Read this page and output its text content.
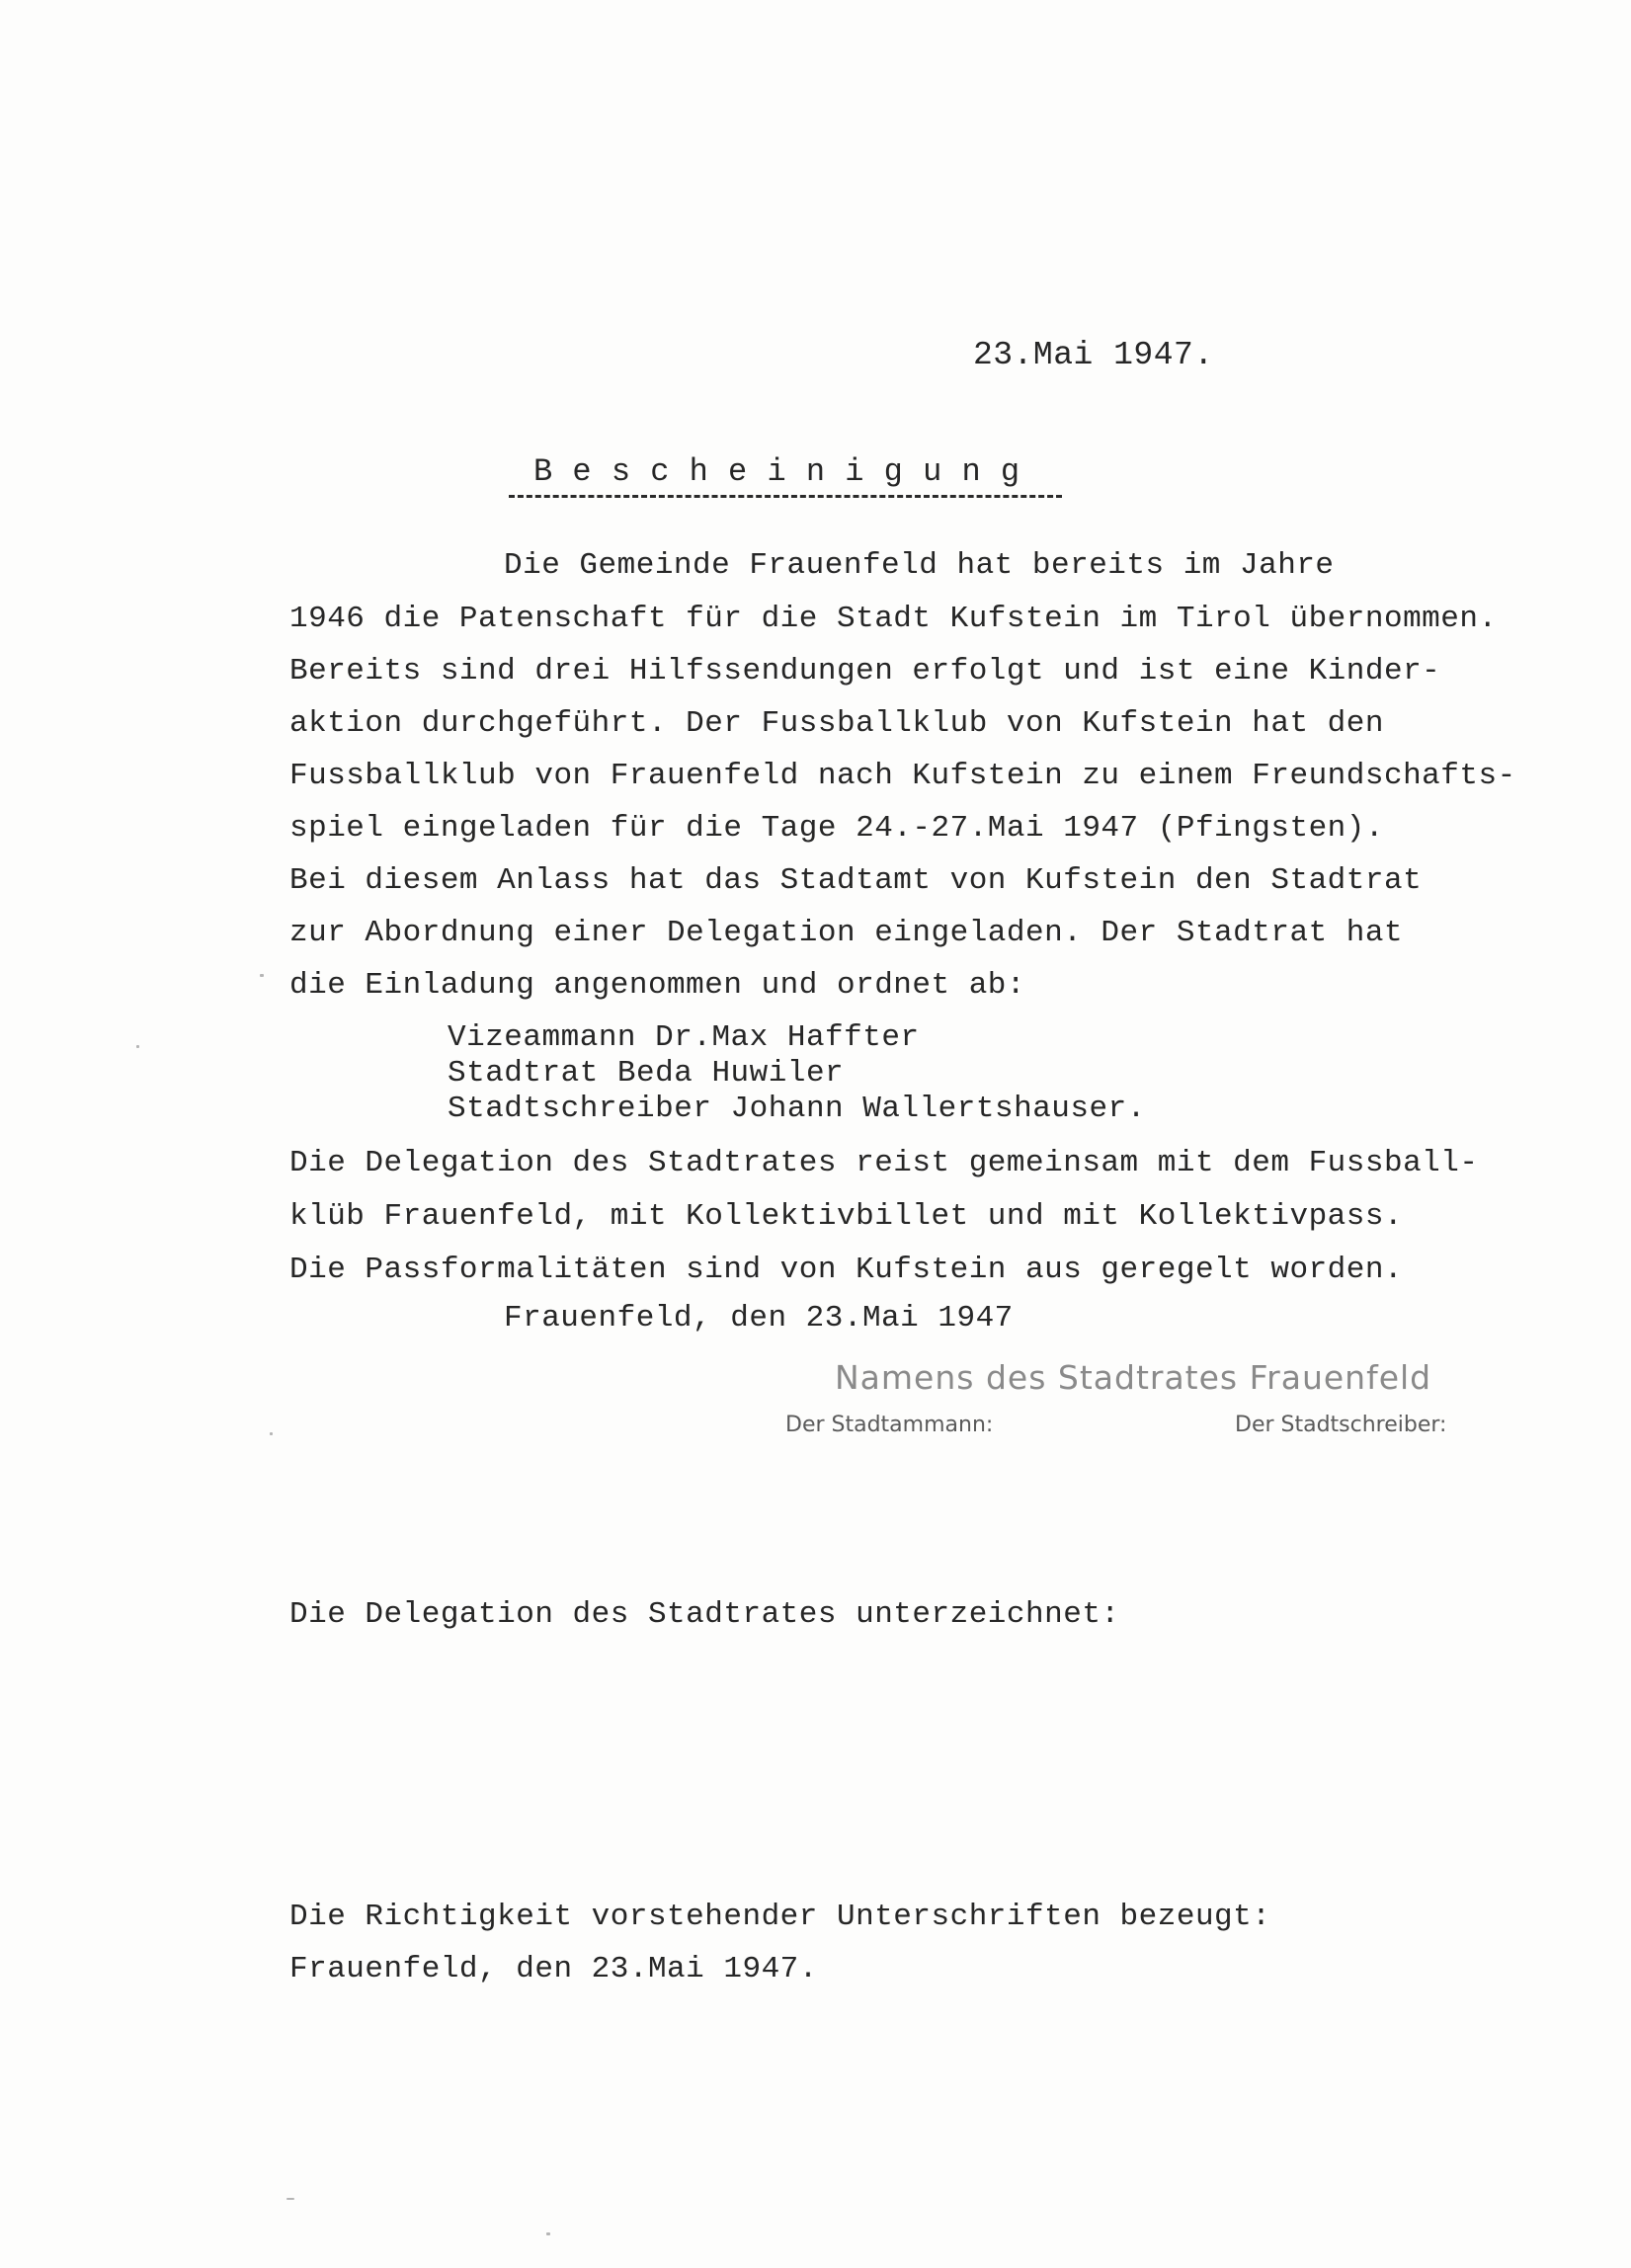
23.Mai 1947.
B e s c h e i n i g u n g
Die Gemeinde Frauenfeld hat bereits im Jahre
1946 die Patenschaft für die Stadt Kufstein im Tirol übernommen.
Bereits sind drei Hilfssendungen erfolgt und ist eine Kinder-
aktion durchgeführt. Der Fussballklub von Kufstein hat den
Fussballklub von Frauenfeld nach Kufstein zu einem Freundschafts-
spiel eingeladen für die Tage 24.-27.Mai 1947 (Pfingsten).
Bei diesem Anlass hat das Stadtamt von Kufstein den Stadtrat
zur Abordnung einer Delegation eingeladen. Der Stadtrat hat
die Einladung angenommen und ordnet ab:
Vizeammann Dr.Max Haffter
Stadtrat Beda Huwiler
Stadtschreiber Johann Wallertshauser.
Die Delegation des Stadtrates reist gemeinsam mit dem Fussball-
klüb Frauenfeld, mit Kollektivbillet und mit Kollektivpass.
Die Passformalitäten sind von Kufstein aus geregelt worden.
Frauenfeld, den 23.Mai 1947
Namens des Stadtrates Frauenfeld
Der Stadtammann:	Der Stadtschreiber:
Die Delegation des Stadtrates unterzeichnet:
Die Richtigkeit vorstehender Unterschriften bezeugt:
Frauenfeld, den 23.Mai 1947.
